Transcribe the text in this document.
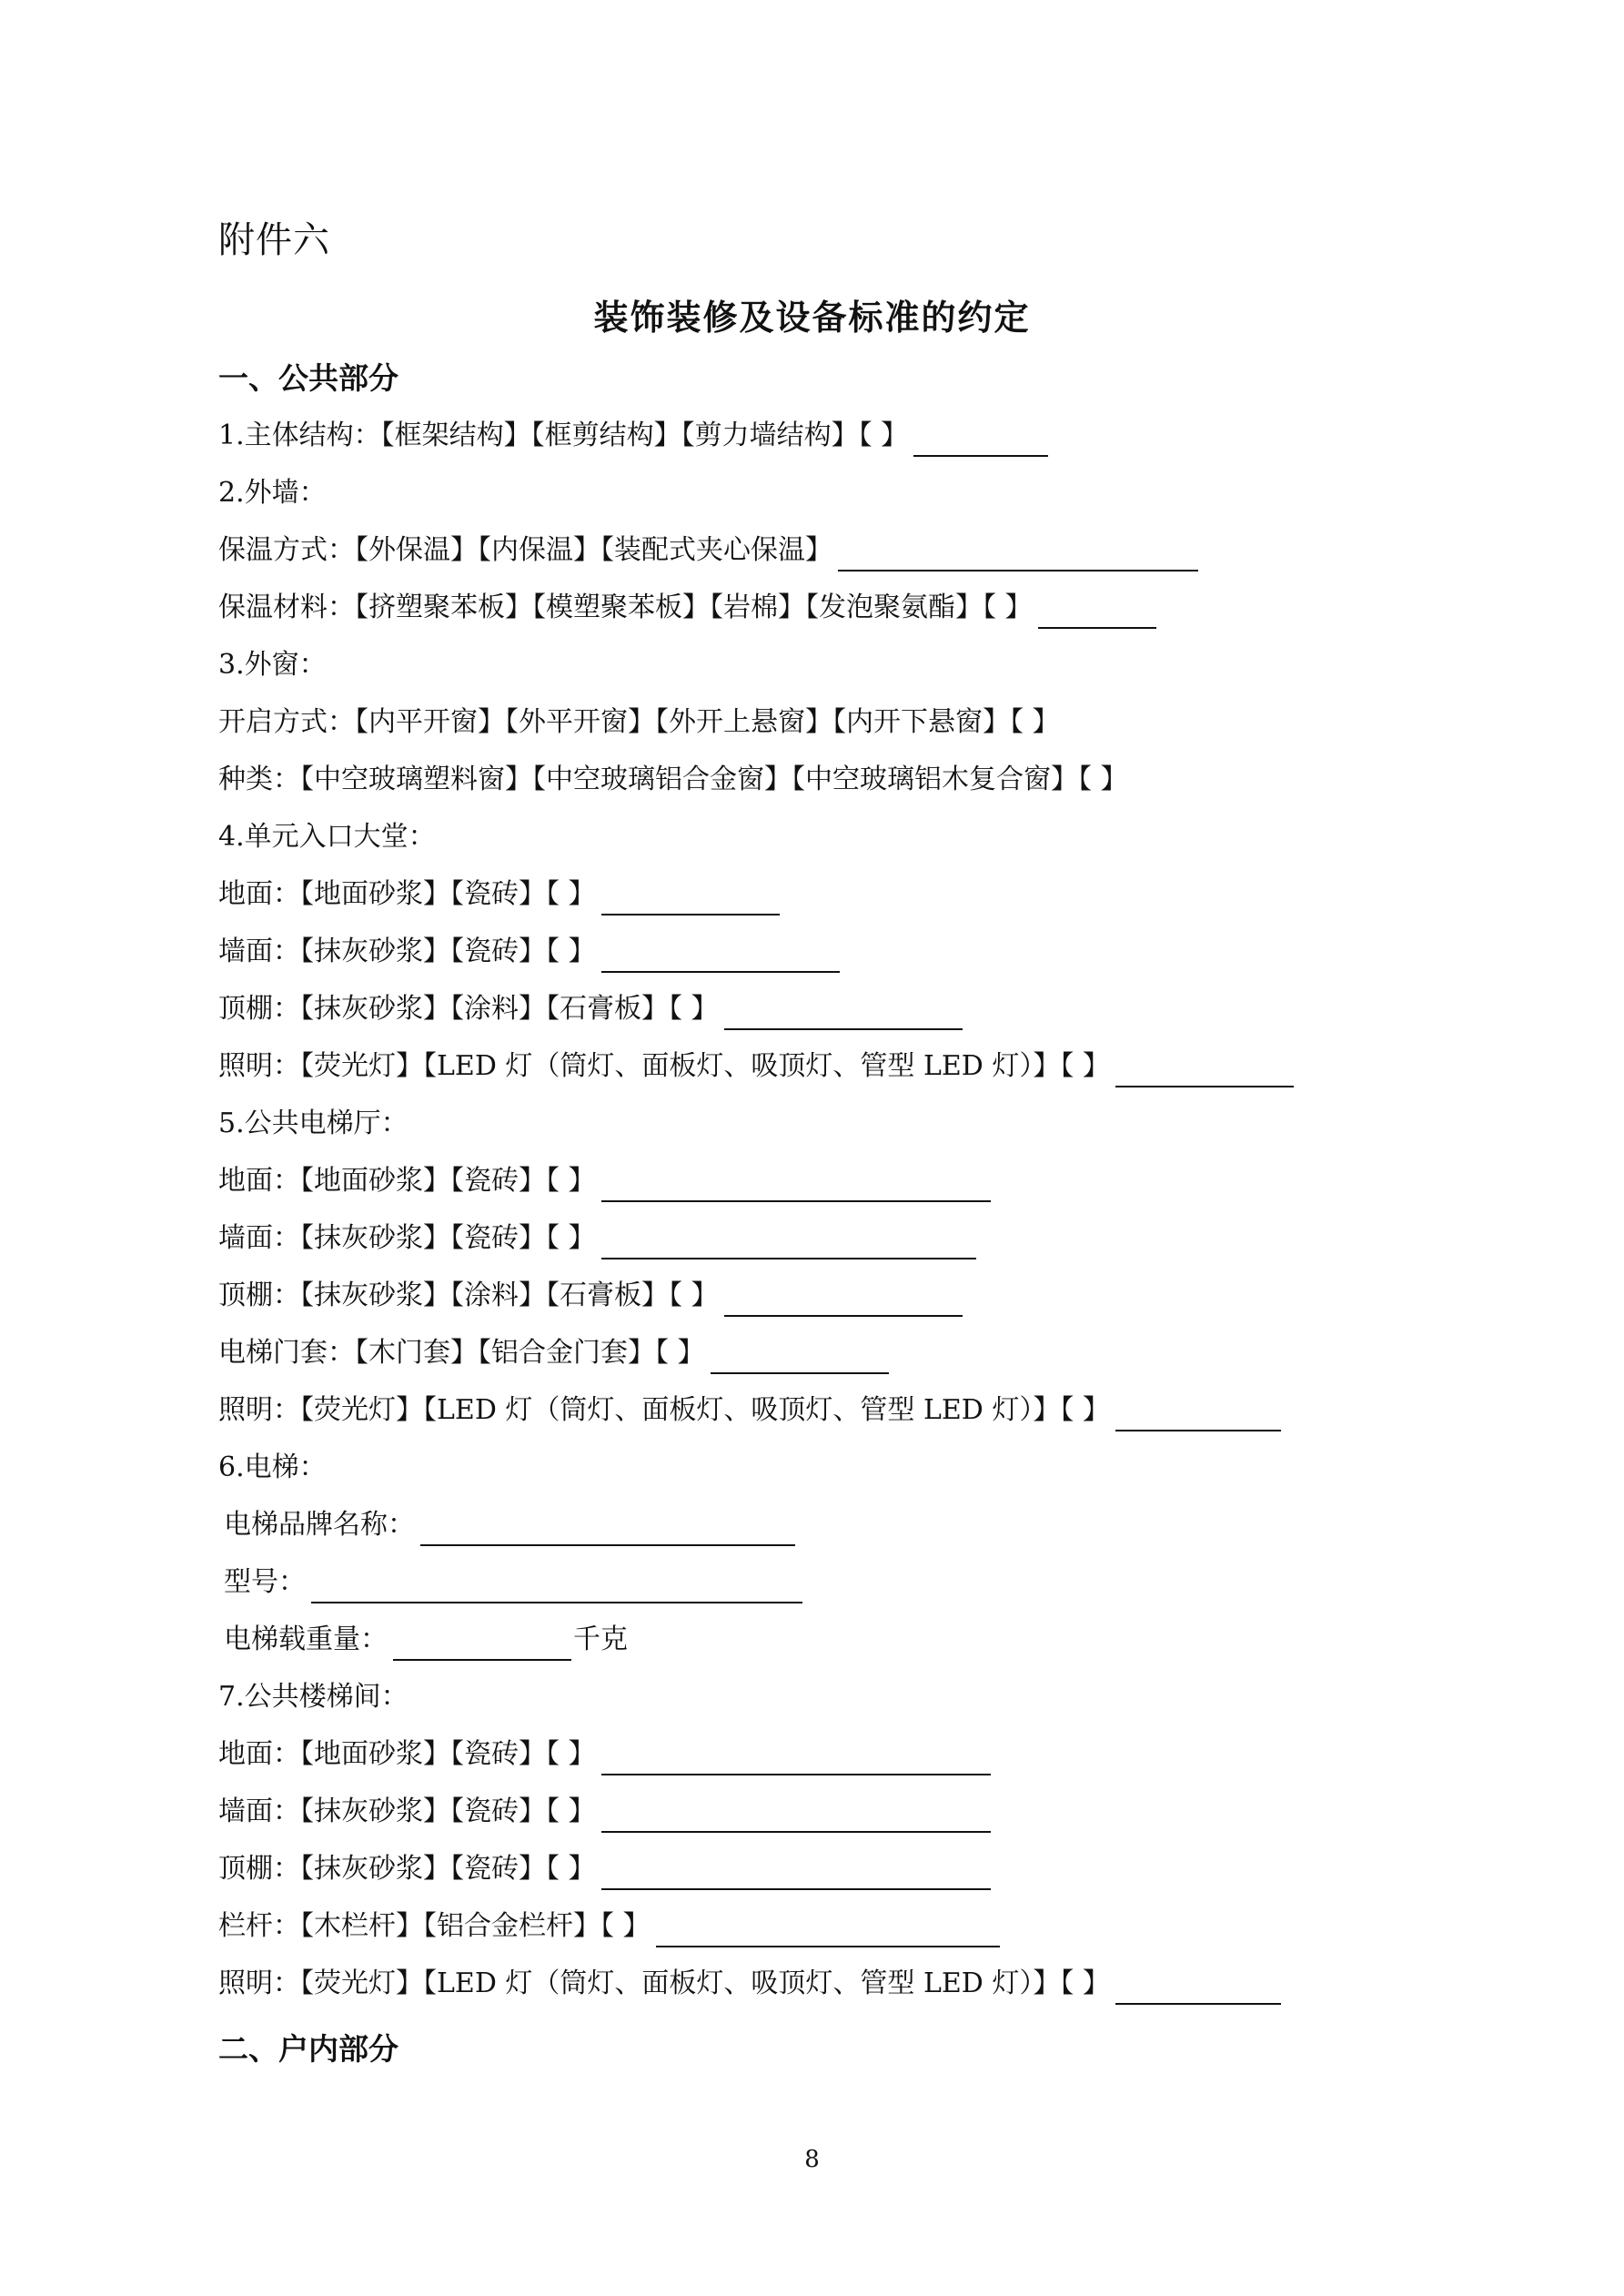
附件六
装饰装修及设备标准的约定
一、公共部分
1.主体结构：【框架结构】【框剪结构】【剪力墙结构】【 】
2.外墙：
保温方式：【外保温】【内保温】【装配式夹心保温】
保温材料：【挤塑聚苯板】【模塑聚苯板】【岩棉】【发泡聚氨酯】【 】
3.外窗：
开启方式：【内平开窗】【外平开窗】【外开上悬窗】【内开下悬窗】【 】
种类：【中空玻璃塑料窗】【中空玻璃铝合金窗】【中空玻璃铝木复合窗】【 】
4.单元入口大堂：
地面：【地面砂浆】【瓷砖】【 】
墙面：【抹灰砂浆】【瓷砖】【 】
顶棚：【抹灰砂浆】【涂料】【石膏板】【 】
照明：【荧光灯】【LED 灯（筒灯、面板灯、吸顶灯、管型 LED 灯）】【 】
5.公共电梯厅：
地面：【地面砂浆】【瓷砖】【 】
墙面：【抹灰砂浆】【瓷砖】【 】
顶棚：【抹灰砂浆】【涂料】【石膏板】【 】
电梯门套：【木门套】【铝合金门套】【 】
照明：【荧光灯】【LED 灯（筒灯、面板灯、吸顶灯、管型 LED 灯）】【 】
6.电梯：
电梯品牌名称：
型号：
电梯载重量：	千克
7.公共楼梯间：
地面：【地面砂浆】【瓷砖】【 】
墙面：【抹灰砂浆】【瓷砖】【 】
顶棚：【抹灰砂浆】【瓷砖】【 】
栏杆：【木栏杆】【铝合金栏杆】【 】
照明：【荧光灯】【LED 灯（筒灯、面板灯、吸顶灯、管型 LED 灯）】【 】
二、户内部分
8
